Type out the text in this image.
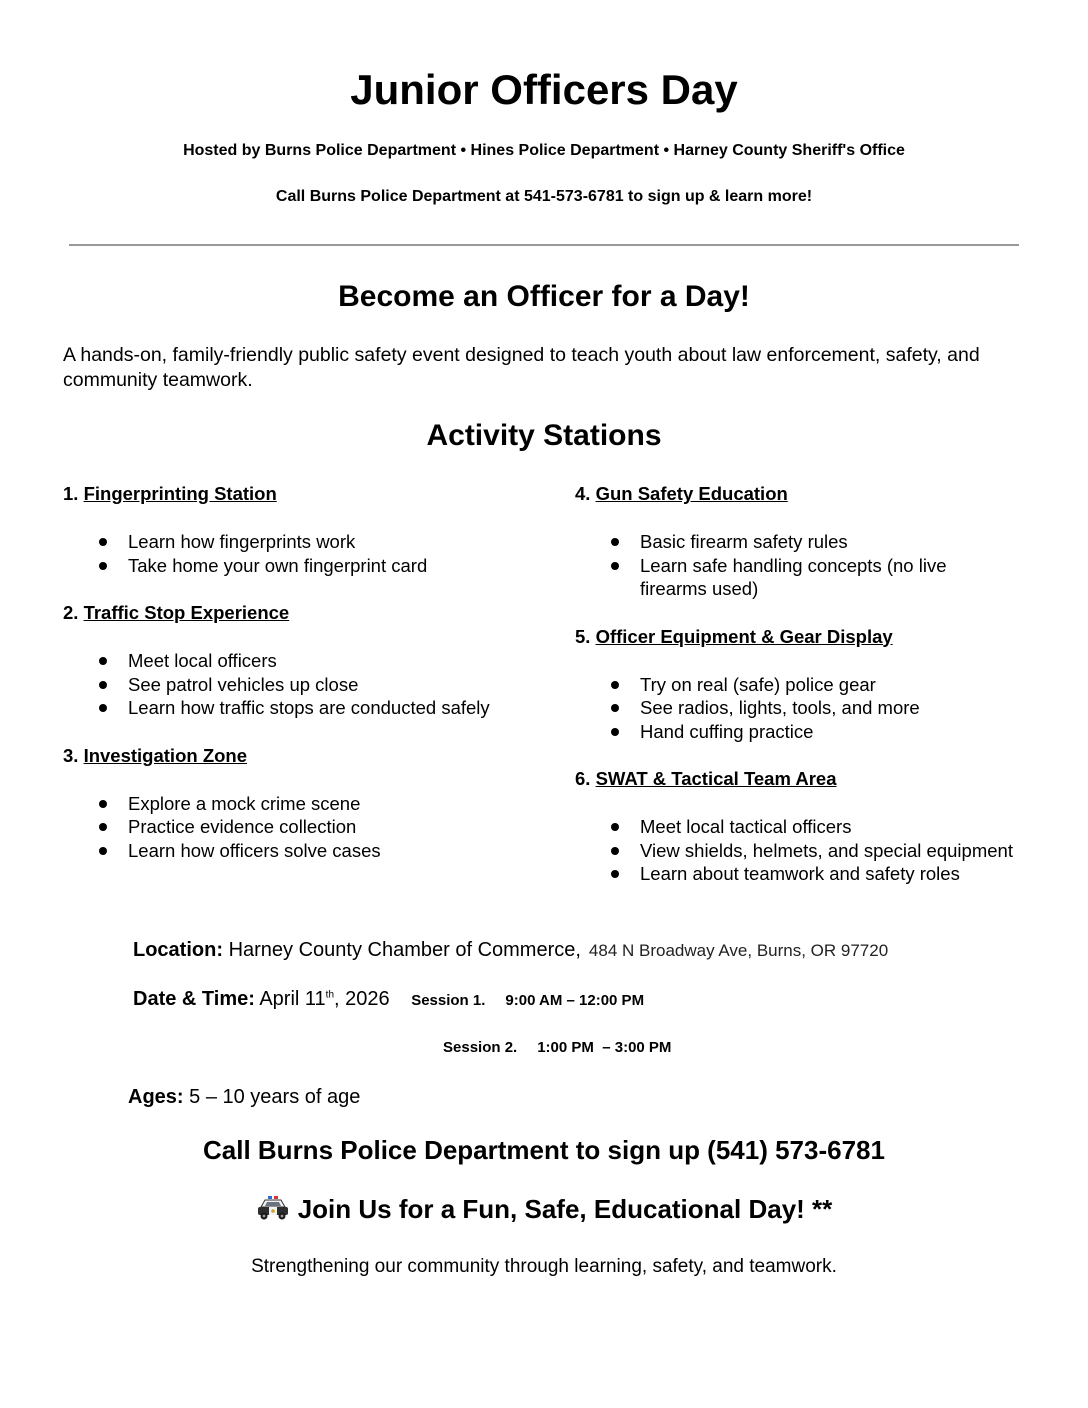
Junior Officers Day
Hosted by Burns Police Department • Hines Police Department • Harney County Sheriff's Office
Call Burns Police Department at 541-573-6781 to sign up & learn more!
Become an Officer for a Day!
A hands-on, family-friendly public safety event designed to teach youth about law enforcement, safety, and community teamwork.
Activity Stations
1. Fingerprinting Station
Learn how fingerprints work
Take home your own fingerprint card
2. Traffic Stop Experience
Meet local officers
See patrol vehicles up close
Learn how traffic stops are conducted safely
3. Investigation Zone
Explore a mock crime scene
Practice evidence collection
Learn how officers solve cases
4. Gun Safety Education
Basic firearm safety rules
Learn safe handling concepts (no live firearms used)
5. Officer Equipment & Gear Display
Try on real (safe) police gear
See radios, lights, tools, and more
Hand cuffing practice
6. SWAT & Tactical Team Area
Meet local tactical officers
View shields, helmets, and special equipment
Learn about teamwork and safety roles
Location: Harney County Chamber of Commerce, 484 N Broadway Ave, Burns, OR 97720
Date & Time: April 11th, 2026 Session 1. 9:00 AM – 12:00 PM
Session 2. 1:00 PM  – 3:00 PM
Ages: 5 – 10 years of age
Call Burns Police Department to sign up (541) 573-6781
Join Us for a Fun, Safe, Educational Day! **
Strengthening our community through learning, safety, and teamwork.
